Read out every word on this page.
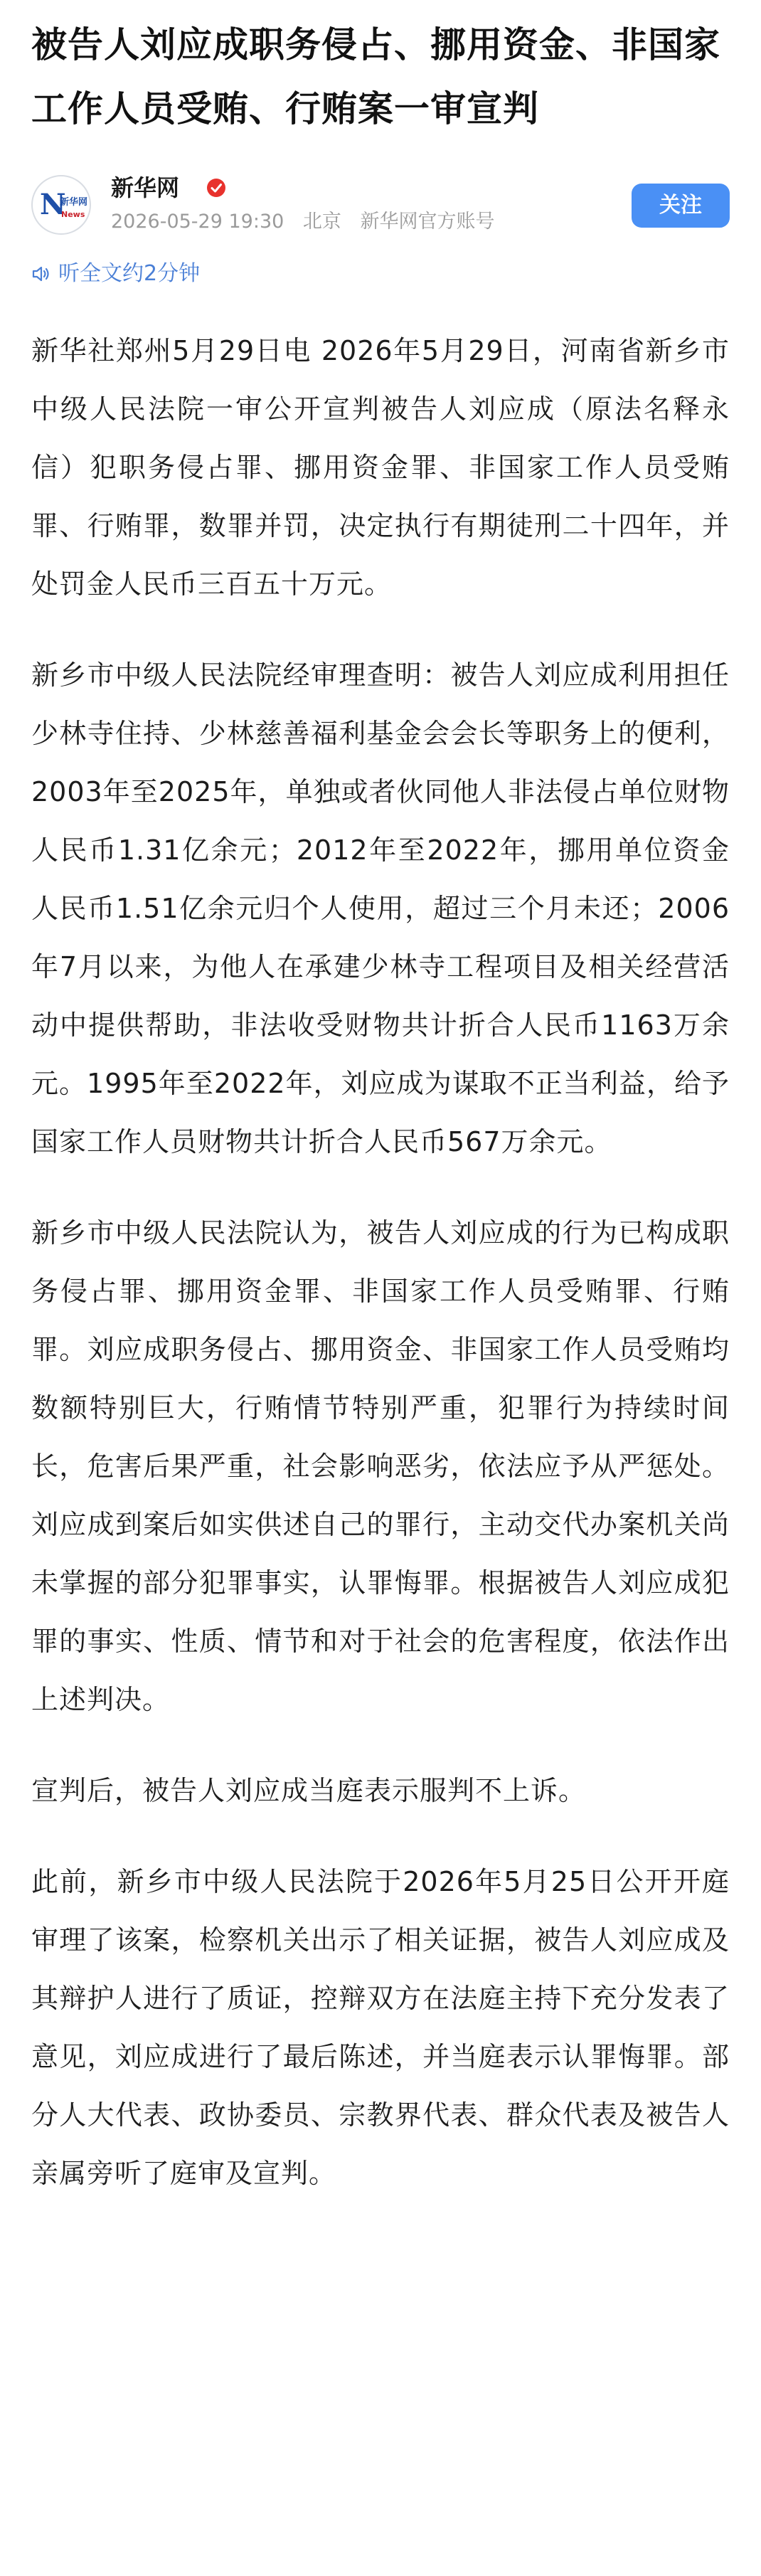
被告人刘应成职务侵占、挪用资金、非国家工作人员受贿、行贿案一审宣判
N
新华网
News
新华网
2026-05-29 19:30 北京 新华网官方账号
关注
听全文约2分钟

新华社郑州5月29日电 2026年5月29日，河南省新乡市中级人民法院一审公开宣判被告人刘应成（原法名释永信）犯职务侵占罪、挪用资金罪、非国家工作人员受贿罪、行贿罪，数罪并罚，决定执行有期徒刑二十四年，并处罚金人民币三百五十万元。

新乡市中级人民法院经审理查明：被告人刘应成利用担任少林寺住持、少林慈善福利基金会会长等职务上的便利，2003年至2025年，单独或者伙同他人非法侵占单位财物人民币1.31亿余元；2012年至2022年，挪用单位资金人民币1.51亿余元归个人使用，超过三个月未还；2006年7月以来，为他人在承建少林寺工程项目及相关经营活动中提供帮助，非法收受财物共计折合人民币1163万余元。1995年至2022年，刘应成为谋取不正当利益，给予国家工作人员财物共计折合人民币567万余元。

新乡市中级人民法院认为，被告人刘应成的行为已构成职务侵占罪、挪用资金罪、非国家工作人员受贿罪、行贿罪。刘应成职务侵占、挪用资金、非国家工作人员受贿均数额特别巨大，行贿情节特别严重，犯罪行为持续时间长，危害后果严重，社会影响恶劣，依法应予从严惩处。刘应成到案后如实供述自己的罪行，主动交代办案机关尚未掌握的部分犯罪事实，认罪悔罪。根据被告人刘应成犯罪的事实、性质、情节和对于社会的危害程度，依法作出上述判决。

宣判后，被告人刘应成当庭表示服判不上诉。

此前，新乡市中级人民法院于2026年5月25日公开开庭审理了该案，检察机关出示了相关证据，被告人刘应成及其辩护人进行了质证，控辩双方在法庭主持下充分发表了意见，刘应成进行了最后陈述，并当庭表示认罪悔罪。部分人大代表、政协委员、宗教界代表、群众代表及被告人亲属旁听了庭审及宣判。
